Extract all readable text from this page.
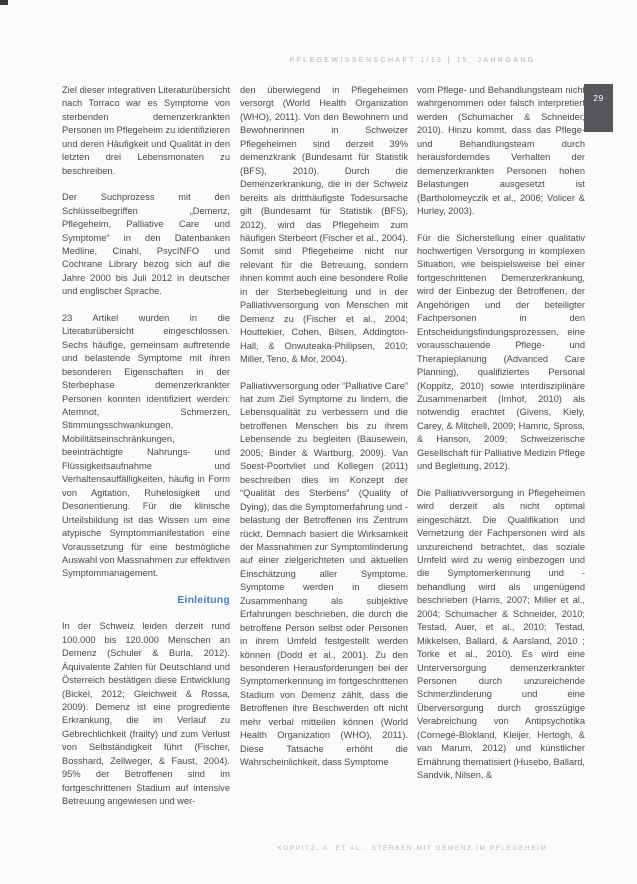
PFLEGEWISSENSCHAFT 1/13 | 15. JAHRGANG
29

Ziel dieser integrativen Literaturübersicht nach Torraco war es Symptome von sterbenden demenzerkrankten Personen im Pflegeheim zu identifizieren und deren Häufigkeit und Qualität in den letzten drei Lebensmonaten zu beschreiben.

Der Suchprozess mit den Schlüsselbegriffen „Demenz, Pflegeheim, Palliative Care und Symptome“ in den Datenbanken Medline, Cinahl, PsycINFO und Cochrane Library bezog sich auf die Jahre 2000 bis Juli 2012 in deutscher und englischer Sprache.

23 Artikel wurden in die Literaturübersicht eingeschlossen. Sechs häufige, gemeinsam auftretende und belastende Symptome mit ihren besonderen Eigenschaften in der Sterbephase demenzerkrankter Personen konnten identifiziert werden: Atemnot, Schmerzen, Stimmungsschwankungen, Mobilitätseinschränkungen, beeinträchtigte Nahrungs- und Flüssigkeitsaufnahme und Verhaltensauffälligkeiten, häufig in Form von Agitation, Ruhelosigkeit und Desorientierung. Für die klinische Urteilsbildung ist das Wissen um eine atypische Symptommanifestation eine Voraussetzung für eine bestmögliche Auswahl von Massnahmen zur effektiven Symptommanagement.

Einleitung

In der Schweiz leiden derzeit rund 100.000 bis 120.000 Menschen an Demenz (Schuler & Burla, 2012). Äquivalente Zahlen für Deutschland und Österreich bestätigen diese Entwicklung (Bickel, 2012; Gleichweit & Rossa, 2009). Demenz ist eine progrediente Erkrankung, die im Verlauf zu Gebrechlichkeit (frailty) und zum Verlust von Selbständigkeit führt (Fischer, Bosshard, Zellweger, & Faust, 2004). 95% der Betroffenen sind im fortgeschrittenen Stadium auf intensive Betreuung angewiesen und wer-

den überwiegend in Pflegeheimen versorgt (World Health Organization (WHO), 2011). Von den Bewohnern und Bewohnerinnen in Schweizer Pflegeheimen sind derzeit 39% demenzkrank (Bundesamt für Statistik (BFS), 2010). Durch die Demenzerkrankung, die in der Schweiz bereits als dritthäufigste Todesursache gilt (Bundesamt für Statistik (BFS), 2012), wird das Pflegeheim zum häufigen Sterbeort (Fischer et al., 2004). Somit sind Pflegeheime nicht nur relevant für die Betreuung, sondern ihnen kommt auch eine besondere Rolle in der Sterbebegleitung und in der Palliativversorgung von Menschen mit Demenz zu (Fischer et al., 2004; Houttekier, Cohen, Bilsen, Addington-Hall, & Onwuteaka-Philipsen, 2010; Miller, Teno, & Mor, 2004).

Palliativversorgung oder “Palliative Care” hat zum Ziel Symptome zu lindern, die Lebensqualität zu verbessern und die betroffenen Menschen bis zu ihrem Lebensende zu begleiten (Bausewein, 2005; Binder & Wartburg, 2009). Van Soest-Poortvliet und Kollegen (2011) beschreiben dies im Konzept der “Qualität des Sterbens” (Quality of Dying), das die Symptomerfahrung und -belastung der Betroffenen ins Zentrum rückt. Demnach basiert die Wirksamkeit der Massnahmen zur Symptomlinderung auf einer zielgerichteten und aktuellen Einschätzung aller Symptome. Symptome werden in diesem Zusammenhang als subjektive Erfahrungen beschrieben, die durch die betroffene Person selbst oder Personen in ihrem Umfeld festgestellt werden können (Dodd et al., 2001). Zu den besonderen Herausforderungen bei der Symptomerkennung im fortgeschrittenen Stadium von Demenz zählt, dass die Betroffenen ihre Beschwerden oft nicht mehr verbal mitteilen können (World Health Organization (WHO), 2011). Diese Tatsache erhöht die Wahrscheinlichkeit, dass Symptome

vom Pflege- und Behandlungsteam nicht wahrgenommen oder falsch interpretiert werden (Schumacher & Schneider, 2010). Hinzu kommt, dass das Pflege- und Behandlungsteam durch herausforderndes Verhalten der demenzerkrankten Personen hohen Belastungen ausgesetzt ist (Bartholomeyczik et al., 2006; Volicer & Hurley, 2003).

Für die Sicherstellung einer qualitativ hochwertigen Versorgung in komplexen Situation, wie beispielsweise bei einer fortgeschrittenen Demenzerkrankung, wird der Einbezug der Betroffenen, der Angehörigen und der beteiligter Fachpersonen in den Entscheidungsfindungsprozessen, eine vorausschauende Pflege- und Therapieplanung (Advanced Care Planning), qualifiziertes Personal (Koppitz, 2010) sowie interdisziplinäre Zusammenarbeit (Imhof, 2010) als notwendig erachtet (Givens, Kiely, Carey, & Mitchell, 2009; Hamric, Spross, & Hanson, 2009; Schweizerische Gesellschaft für Palliative Medizin Pflege und Begleitung, 2012).

Die Palliativversorgung in Pflegeheimen wird derzeit als nicht optimal eingeschätzt. Die Qualifikation und Vernetzung der Fachpersonen wird als unzureichend betrachtet, das soziale Umfeld wird zu wenig einbezogen und die Symptomerkennung und -behandlung wird als ungenügend beschrieben (Harris, 2007; Miller et al., 2004; Schumacher & Schneider, 2010; Testad, Auer, et al., 2010; Testad, Mikkelsen, Ballard, & Aarsland, 2010 ; Torke et al., 2010). Es wird eine Unterversorgung demenzerkrankter Personen durch unzureichende Schmerzlinderung und eine Überversorgung durch grosszügige Verabreichung von Antipsychotika (Cornegé-Blokland, Kleijer, Hertogh, & van Marum, 2012) und künstlicher Ernährung thematisiert (Husebo, Ballard, Sandvik, Nilsen, &

KOPPITZ, A. ET AL.: STERBEN MIT DEMENZ IM PFLEGEHEIM
